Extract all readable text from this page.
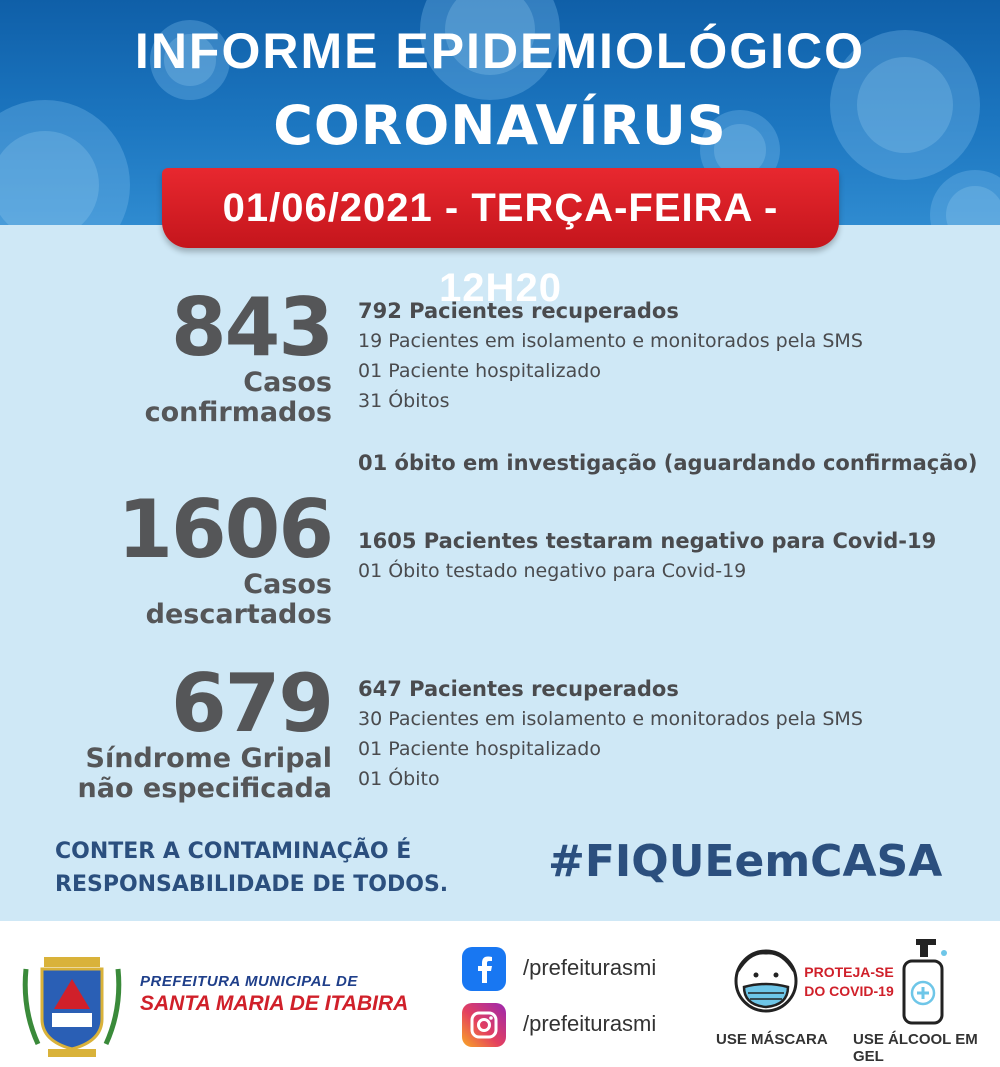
INFORME EPIDEMIOLÓGICO
CORONAVÍRUS
01/06/2021 - TERÇA-FEIRA - 12H20
843
Casos
confirmados
792 Pacientes recuperados
19 Pacientes em isolamento e monitorados pela SMS
01 Paciente hospitalizado
31 Óbitos
01 óbito em investigação (aguardando confirmação)
1606
Casos
descartados
1605 Pacientes testaram negativo para Covid-19
01 Óbito testado negativo para Covid-19
679
Síndrome Gripal
não especificada
647 Pacientes recuperados
30 Pacientes em isolamento e monitorados pela SMS
01 Paciente hospitalizado
01 Óbito
CONTER A CONTAMINAÇÃO É
RESPONSABILIDADE DE TODOS. #FIQUEemCASA
PREFEITURA MUNICIPAL DE
SANTA MARIA DE ITABIRA
/prefeiturasmi
/prefeiturasmi
PROTEJA-SE
DO COVID-19
USE MÁSCARA USE ÁLCOOL EM GEL
